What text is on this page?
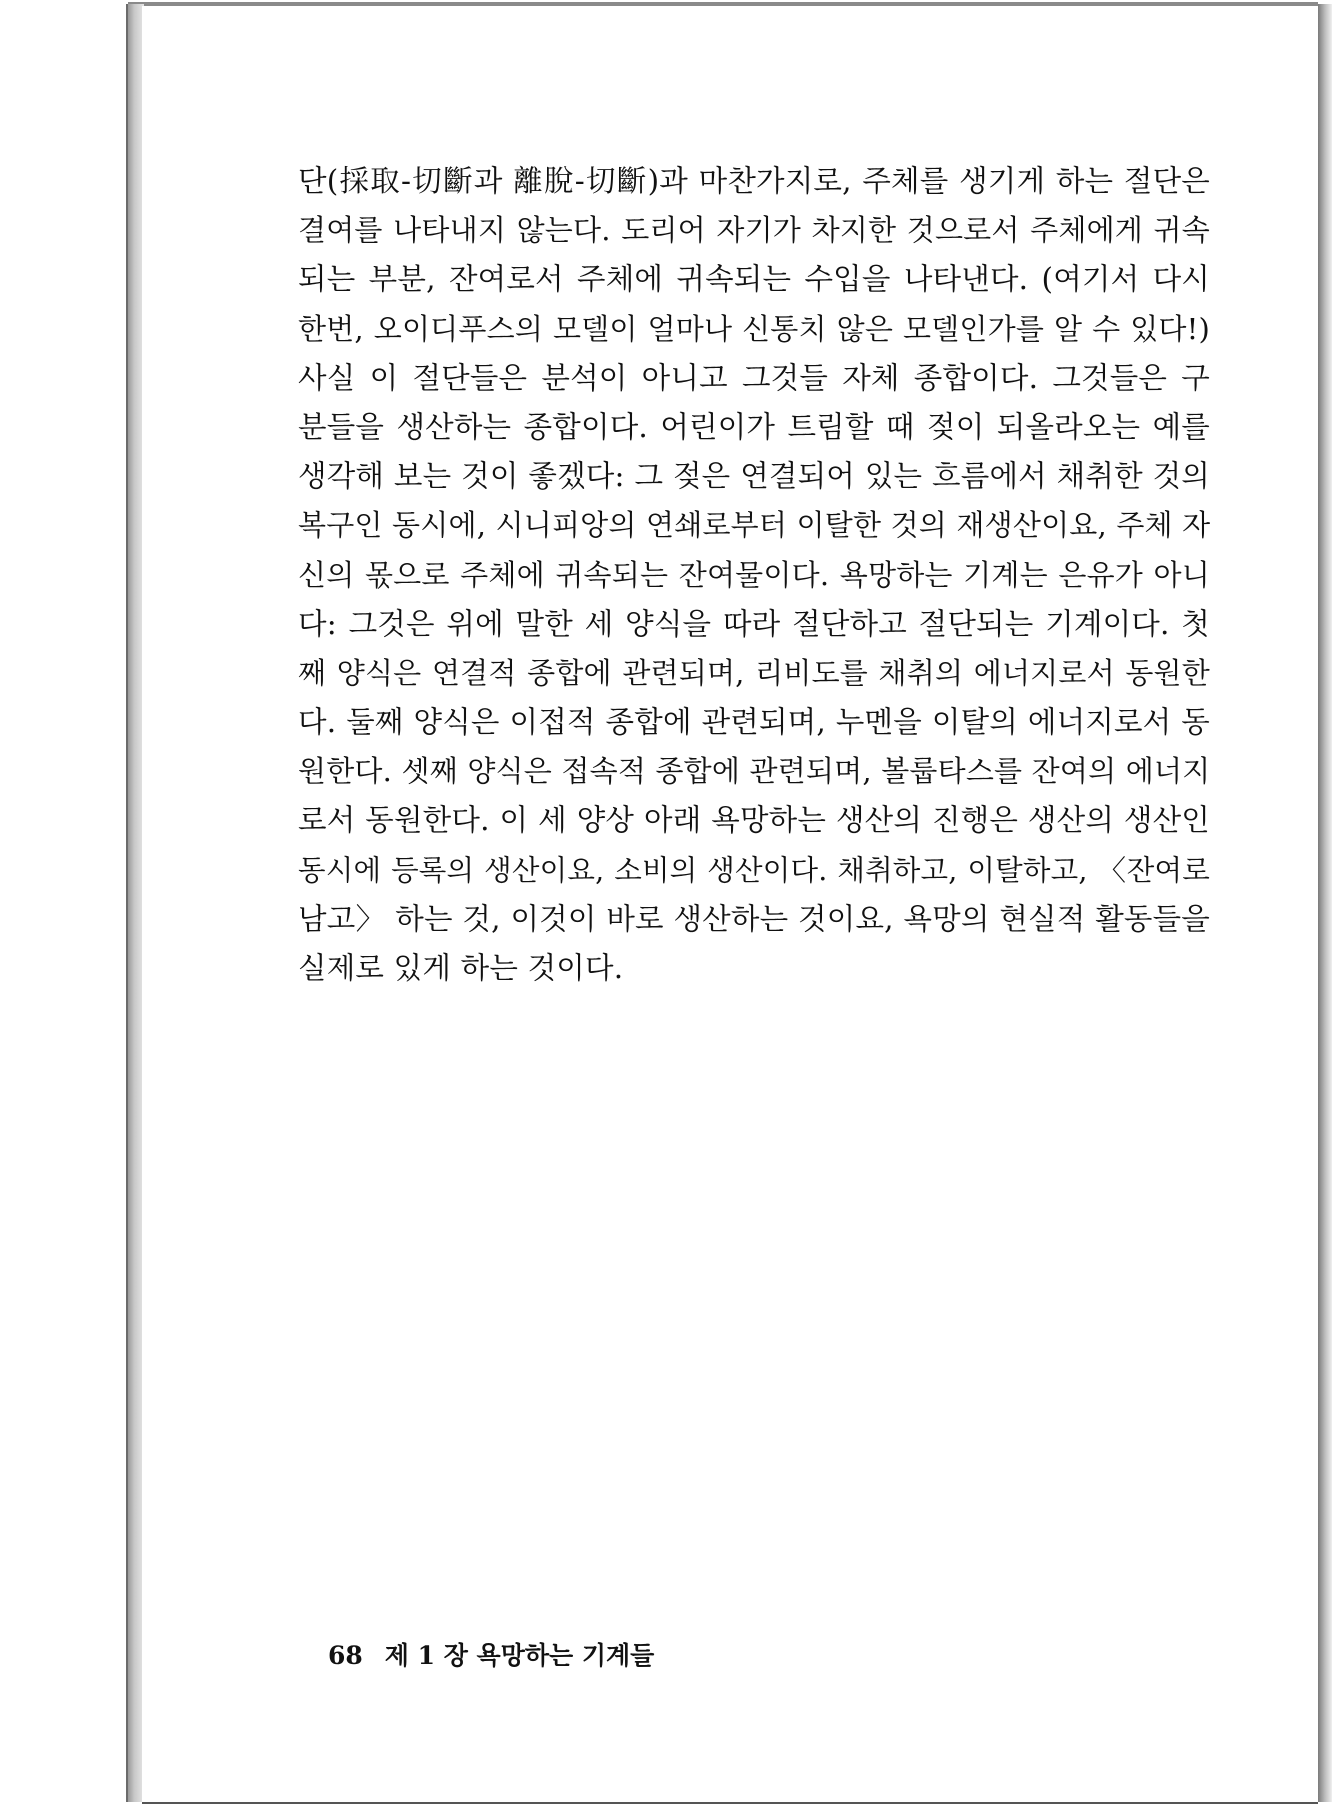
단(採取-切斷과 離脫-切斷)과 마찬가지로, 주체를 생기게 하는 절단은
결여를 나타내지 않는다. 도리어 자기가 차지한 것으로서 주체에게 귀속
되는 부분, 잔여로서 주체에 귀속되는 수입을 나타낸다. (여기서 다시
한번, 오이디푸스의 모델이 얼마나 신통치 않은 모델인가를 알 수 있다!)
사실 이 절단들은 분석이 아니고 그것들 자체 종합이다. 그것들은 구
분들을 생산하는 종합이다. 어린이가 트림할 때 젖이 되올라오는 예를
생각해 보는 것이 좋겠다: 그 젖은 연결되어 있는 흐름에서 채취한 것의
복구인 동시에, 시니피앙의 연쇄로부터 이탈한 것의 재생산이요, 주체 자
신의 몫으로 주체에 귀속되는 잔여물이다. 욕망하는 기계는 은유가 아니
다: 그것은 위에 말한 세 양식을 따라 절단하고 절단되는 기계이다. 첫
째 양식은 연결적 종합에 관련되며, 리비도를 채취의 에너지로서 동원한
다. 둘째 양식은 이접적 종합에 관련되며, 누멘을 이탈의 에너지로서 동
원한다. 셋째 양식은 접속적 종합에 관련되며, 볼룹타스를 잔여의 에너지
로서 동원한다. 이 세 양상 아래 욕망하는 생산의 진행은 생산의 생산인
동시에 등록의 생산이요, 소비의 생산이다. 채취하고, 이탈하고, 〈잔여로
남고〉 하는 것, 이것이 바로 생산하는 것이요, 욕망의 현실적 활동들을
실제로 있게 하는 것이다.
68 제 1 장 욕망하는 기계들
